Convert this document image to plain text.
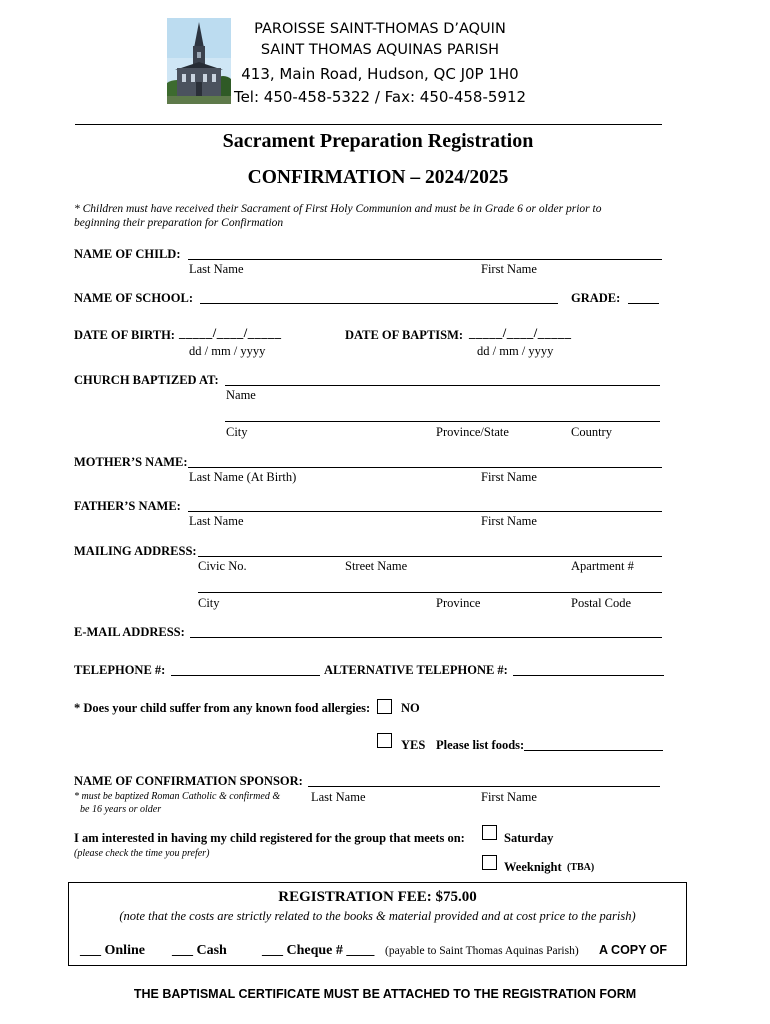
PAROISSE SAINT-THOMAS D’AQUIN
SAINT THOMAS AQUINAS PARISH
413, Main Road, Hudson, QC J0P 1H0
Tel: 450-458-5322 / Fax: 450-458-5912
Sacrament Preparation Registration
CONFIRMATION – 2024/2025
* Children must have received their Sacrament of First Holy Communion and must be in Grade 6 or older prior to
beginning their preparation for Confirmation
NAME OF CHILD:
Last Name	First Name
NAME OF SCHOOL:	GRADE:
DATE OF BIRTH: _____/____/_____
dd / mm / yyyy
DATE OF BAPTISM: _____/____/_____
dd / mm / yyyy
CHURCH BAPTIZED AT:
Name
City	Province/State	Country
MOTHER’S NAME:
Last Name (At Birth)	First Name
FATHER’S NAME:
Last Name	First Name
MAILING ADDRESS:
Civic No.	Street Name	Apartment #
City	Province	Postal Code
E-MAIL ADDRESS:
TELEPHONE #:	ALTERNATIVE TELEPHONE #:
* Does your child suffer from any known food allergies: NO
YES Please list foods:
NAME OF CONFIRMATION SPONSOR:
* must be baptized Roman Catholic & confirmed &
be 16 years or older
Last Name	First Name
I am interested in having my child registered for the group that meets on:
(please check the time you prefer)
Saturday
Weeknight (TBA)
REGISTRATION FEE: $75.00
(note that the costs are strictly related to the books & material provided and at cost price to the parish)
___ Online ___ Cash	___ Cheque # ____ (payable to Saint Thomas Aquinas Parish) A COPY OF
THE BAPTISMAL CERTIFICATE MUST BE ATTACHED TO THE REGISTRATION FORM
